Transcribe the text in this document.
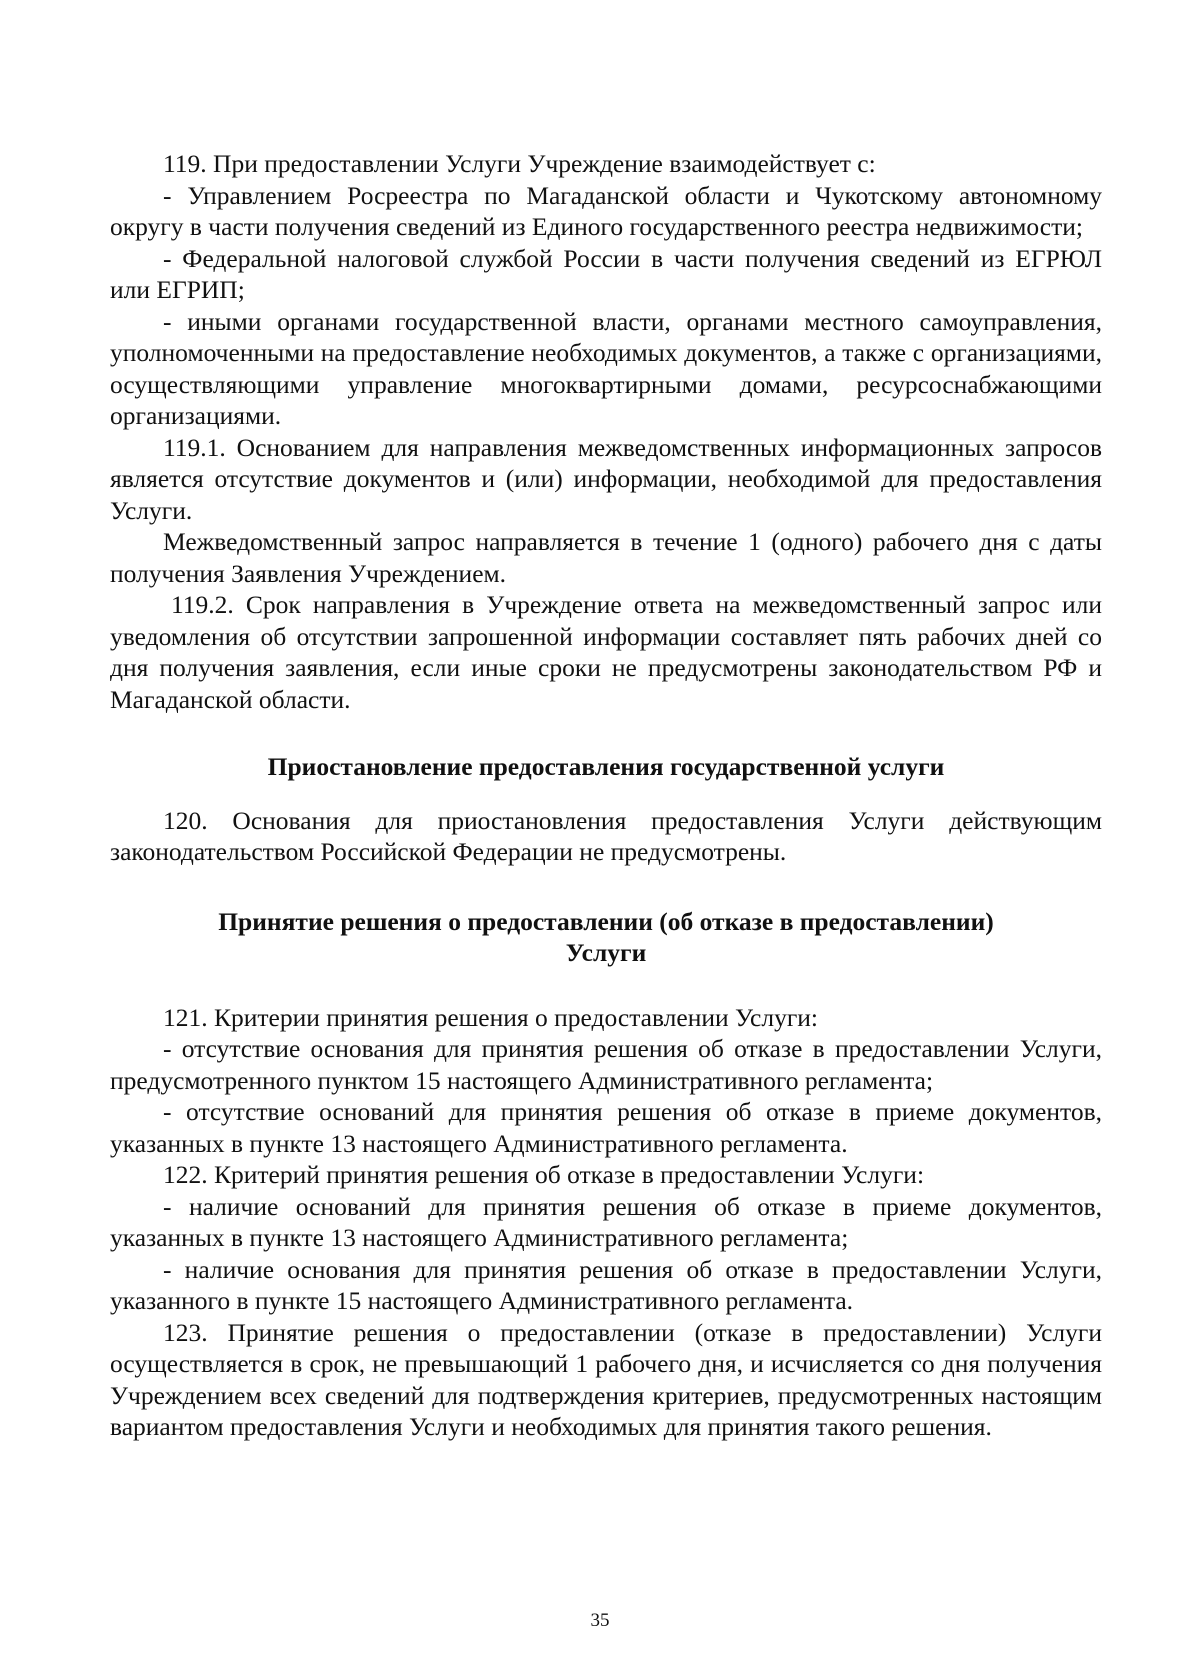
119. При предоставлении Услуги Учреждение взаимодействует с:

- Управлением Росреестра по Магаданской области и Чукотскому автономному округу в части получения сведений из Единого государственного реестра недвижимости;

- Федеральной налоговой службой России в части получения сведений из ЕГРЮЛ или ЕГРИП;

- иными органами государственной власти, органами местного самоуправления, уполномоченными на предоставление необходимых документов, а также с организациями, осуществляющими управление многоквартирными домами, ресурсоснабжающими организациями.

119.1. Основанием для направления межведомственных информационных запросов является отсутствие документов и (или) информации, необходимой для предоставления Услуги.

Межведомственный запрос направляется в течение 1 (одного) рабочего дня с даты получения Заявления Учреждением.

119.2. Срок направления в Учреждение ответа на межведомственный запрос или уведомления об отсутствии запрошенной информации составляет пять рабочих дней со дня получения заявления, если иные сроки не предусмотрены законодательством РФ и Магаданской области.

Приостановление предоставления государственной услуги

120. Основания для приостановления предоставления Услуги действующим законодательством Российской Федерации не предусмотрены.

Принятие решения о предоставлении (об отказе в предоставлении)
Услуги

121. Критерии принятия решения о предоставлении Услуги:

- отсутствие основания для принятия решения об отказе в предоставлении Услуги, предусмотренного пунктом 15 настоящего Административного регламента;

- отсутствие оснований для принятия решения об отказе в приеме документов, указанных в пункте 13 настоящего Административного регламента.

122. Критерий принятия решения об отказе в предоставлении Услуги:

- наличие оснований для принятия решения об отказе в приеме документов, указанных в пункте 13 настоящего Административного регламента;

- наличие основания для принятия решения об отказе в предоставлении Услуги, указанного в пункте 15 настоящего Административного регламента.

123. Принятие решения о предоставлении (отказе в предоставлении) Услуги осуществляется в срок, не превышающий 1 рабочего дня, и исчисляется со дня получения Учреждением всех сведений для подтверждения критериев, предусмотренных настоящим вариантом предоставления Услуги и необходимых для принятия такого решения.

35
